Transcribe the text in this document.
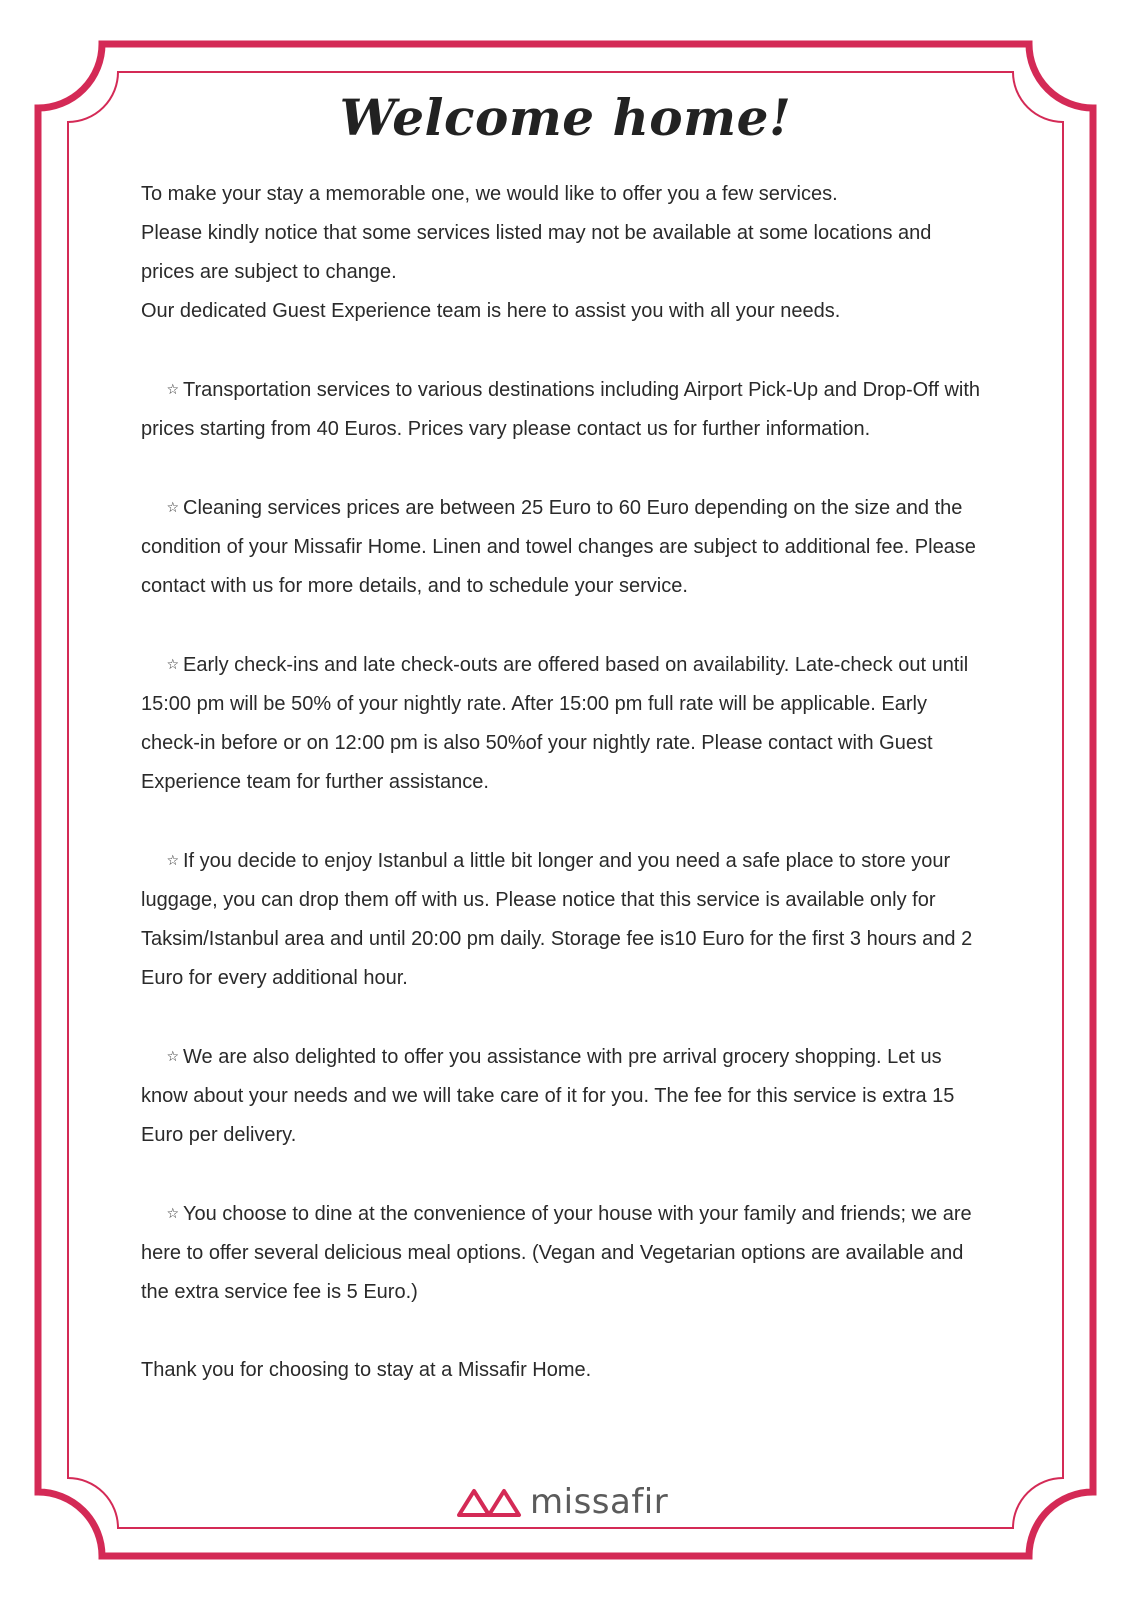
Welcome home!

To make your stay a memorable one, we would like to offer you a few services.

Please kindly notice that some services listed may not be available at some locations and prices are subject to change.

Our dedicated Guest Experience team is here to assist you with all your needs.

☆ Transportation services to various destinations including Airport Pick-Up and Drop-Off with prices starting from 40 Euros. Prices vary please contact us for further information.

☆ Cleaning services prices are between 25 Euro to 60 Euro depending on the size and the condition of your Missafir Home. Linen and towel changes are subject to additional fee. Please contact with us for more details, and to schedule your service.

☆ Early check-ins and late check-outs are offered based on availability. Late-check out until 15:00 pm will be 50% of your nightly rate. After 15:00 pm full rate will be applicable. Early check-in before or on 12:00 pm is also 50%of your nightly rate. Please contact with Guest Experience team for further assistance.

☆ If you decide to enjoy Istanbul a little bit longer and you need a safe place to store your luggage, you can drop them off with us. Please notice that this service is available only for Taksim/Istanbul area and until 20:00 pm daily. Storage fee is10 Euro for the first 3 hours and 2 Euro for every additional hour.

☆ We are also delighted to offer you assistance with pre arrival grocery shopping. Let us know about your needs and we will take care of it for you. The fee for this service is extra 15 Euro per delivery.

☆ You choose to dine at the convenience of your house with your family and friends; we are here to offer several delicious meal options. (Vegan and Vegetarian options are available and the extra service fee is 5 Euro.)

Thank you for choosing to stay at a Missafir Home.

missafir
